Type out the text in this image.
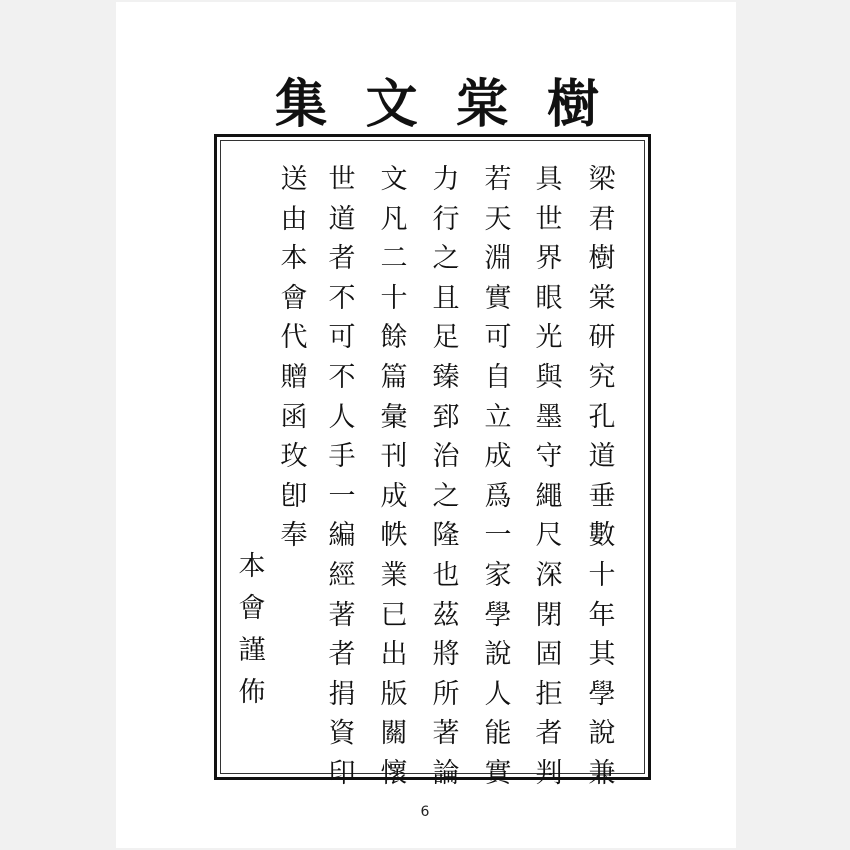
樹
棠
文
集
梁
君
樹
棠
研
究
孔
道
垂
數
十
年
其
學
說
兼
具
世
界
眼
光
與
墨
守
繩
尺
深
閉
固
拒
者
判
若
天
淵
實
可
自
立
成
爲
一
家
學
說
人
能
實
力
行
之
且
足
臻
郅
治
之
隆
也
茲
將
所
著
論
文
凡
二
十
餘
篇
彙
刊
成
帙
業
已
出
版
關
懷
世
道
者
不
可
不
人
手
一
編
經
著
者
捐
資
印
送
由
本
會
代
贈
函
玫
卽
奉
本
會
謹
佈
6
